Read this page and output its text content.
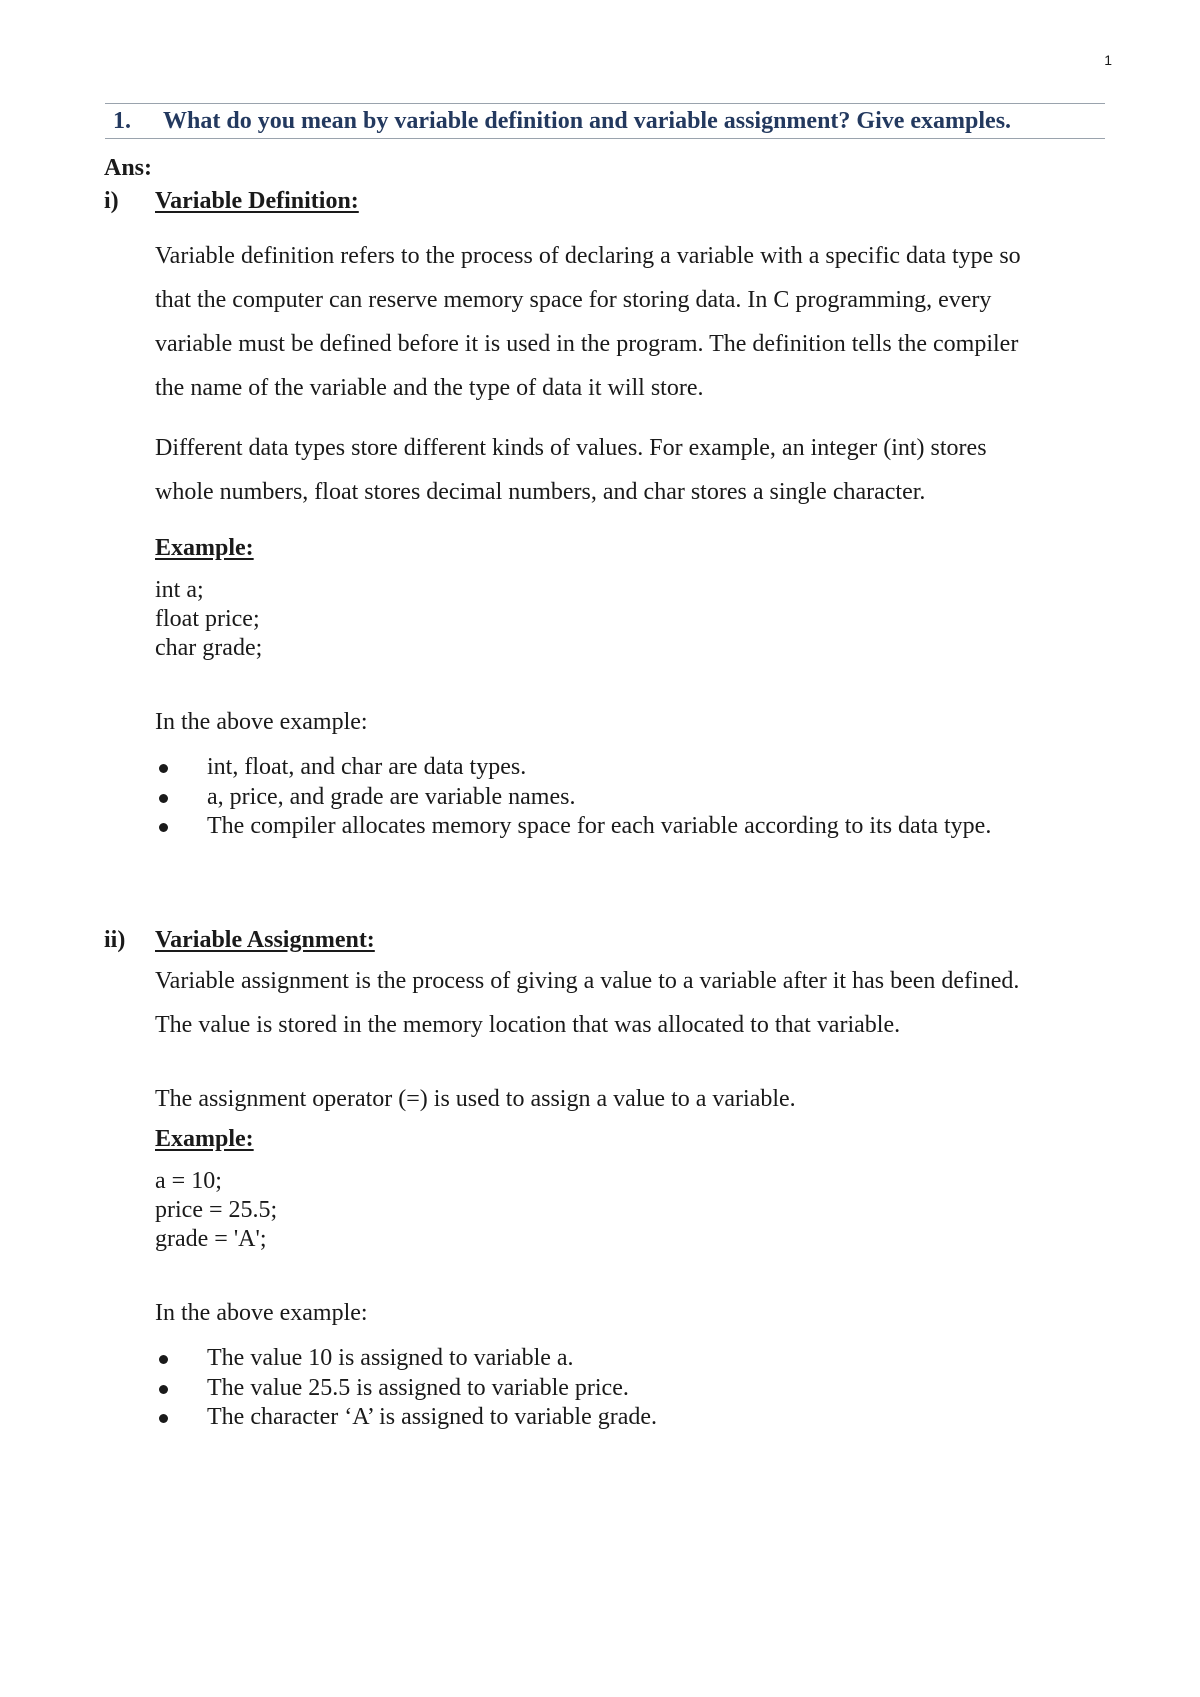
1
1. What do you mean by variable definition and variable assignment? Give examples.
Ans:
i) Variable Definition:
Variable definition refers to the process of declaring a variable with a specific data type so
that the computer can reserve memory space for storing data. In C programming, every
variable must be defined before it is used in the program. The definition tells the compiler
the name of the variable and the type of data it will store.
Different data types store different kinds of values. For example, an integer (int) stores
whole numbers, float stores decimal numbers, and char stores a single character.
Example:
int a;
float price;
char grade;
In the above example:
int, float, and char are data types.
a, price, and grade are variable names.
The compiler allocates memory space for each variable according to its data type.
ii) Variable Assignment:
Variable assignment is the process of giving a value to a variable after it has been defined.
The value is stored in the memory location that was allocated to that variable.
The assignment operator (=) is used to assign a value to a variable.
Example:
a = 10;
price = 25.5;
grade = 'A';
In the above example:
The value 10 is assigned to variable a.
The value 25.5 is assigned to variable price.
The character ‘A’ is assigned to variable grade.
